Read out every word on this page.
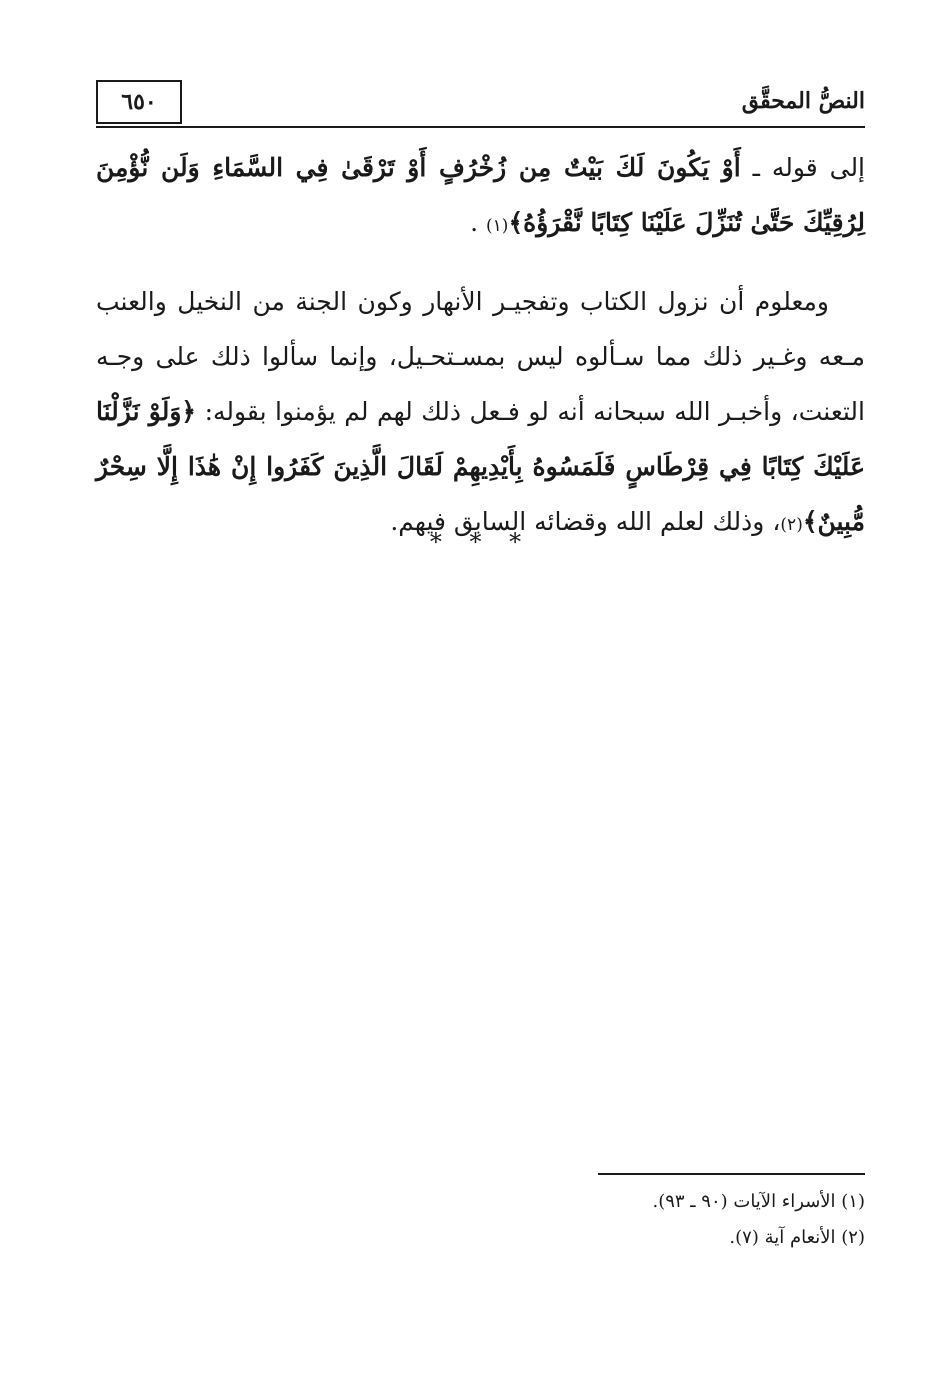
٦٥٠	النصُّ المحقَّق

إلى قوله ـ أَوْ يَكُونَ لَكَ بَيْتٌ مِن زُخْرُفٍ أَوْ تَرْقَىٰ فِي السَّمَاءِ وَلَن نُّؤْمِنَ لِرُقِيِّكَ حَتَّىٰ تُنَزِّلَ عَلَيْنَا كِتَابًا نَّقْرَؤُهُ﴾(١) .

ومعلوم أن نزول الكتاب وتفجيـر الأنهار وكون الجنة من النخيل والعنب مـعه وغـير ذلك مما سـألوه ليس بمسـتحـيل، وإنما سألوا ذلك على وجـه التعنت، وأخبـر الله سبحانه أنه لو فـعل ذلك لهم لم يؤمنوا بقوله: ﴿وَلَوْ نَزَّلْنَا عَلَيْكَ كِتَابًا فِي قِرْطَاسٍ فَلَمَسُوهُ بِأَيْدِيهِمْ لَقَالَ الَّذِينَ كَفَرُوا إِنْ هَٰذَا إِلَّا سِحْرٌ مُّبِينٌ﴾(٢)، وذلك لعلم الله وقضائه السابق فيهم.

* * *
(١) الأسراء الآيات (٩٠ ـ ٩٣).
(٢) الأنعام آية (٧).
